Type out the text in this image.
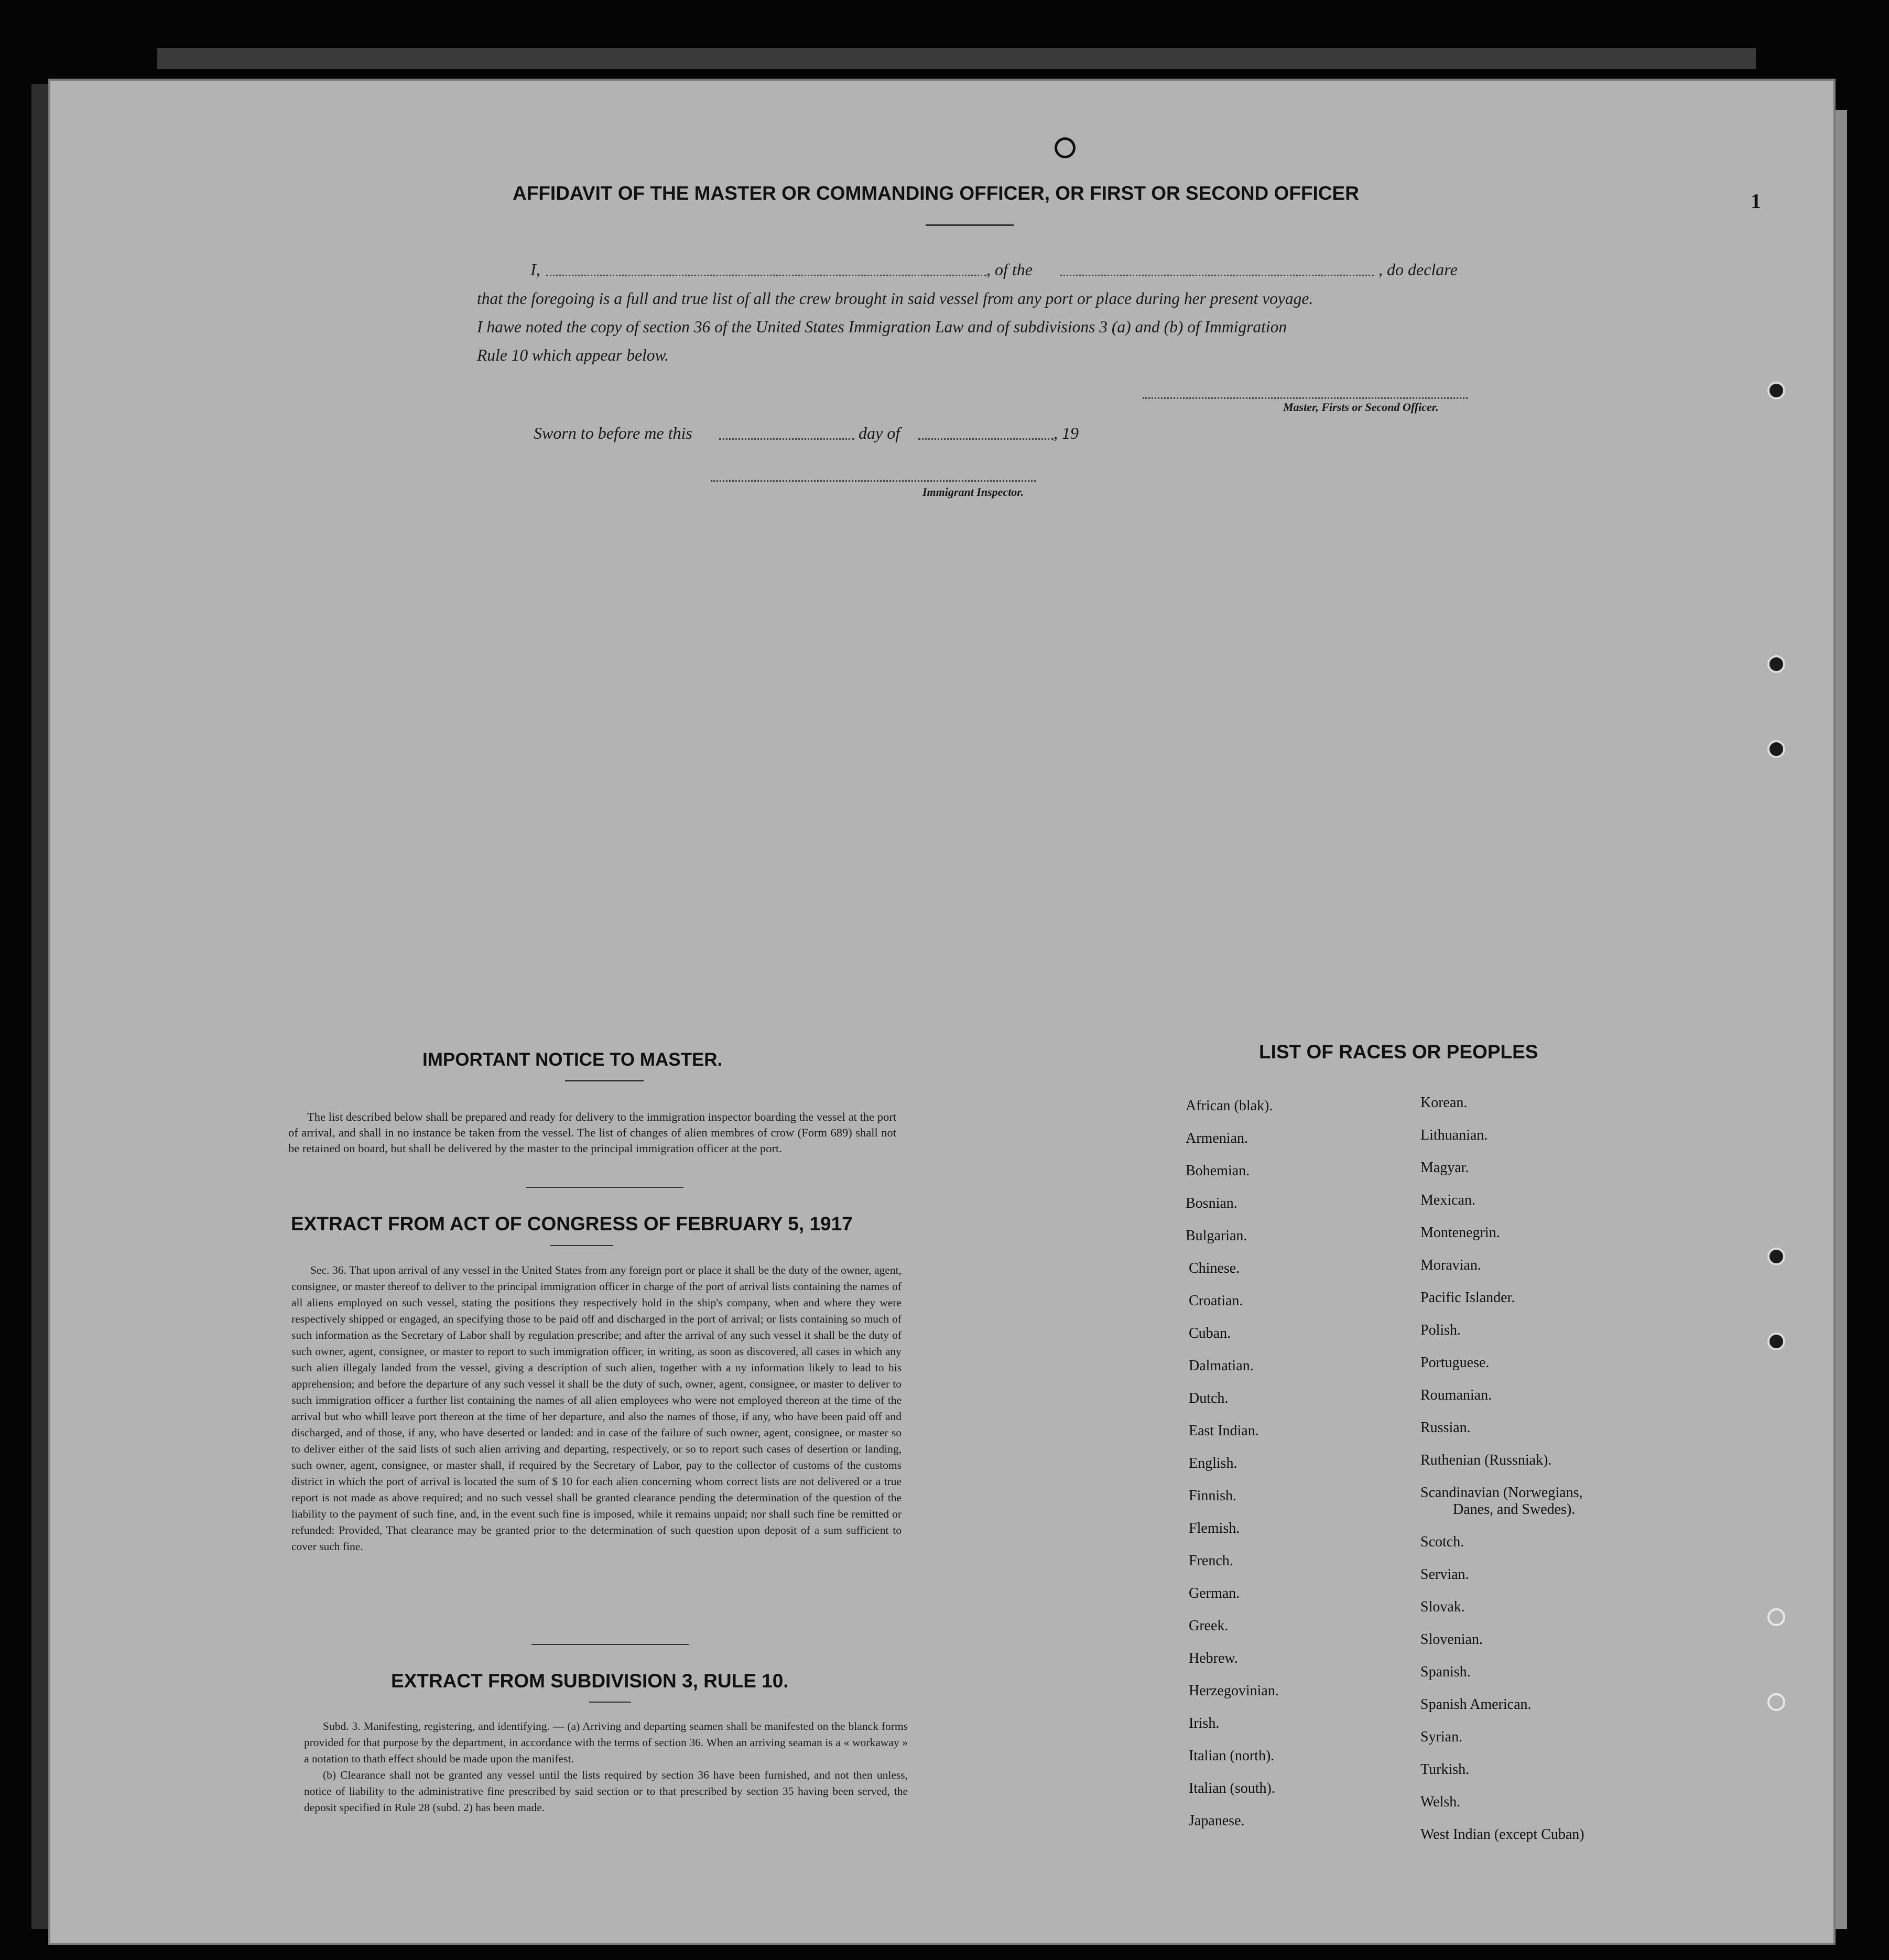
1
AFFIDAVIT OF THE MASTER OR COMMANDING OFFICER, OR FIRST OR SECOND OFFICER
I,	, of the	, do declare
that the foregoing is a full and true list of all the crew brought in said vessel from any port or place during her present voyage.
I hawe noted the copy of section 36 of the United States Immigration Law and of subdivisions 3 (a) and (b) of Immigration
Rule 10 which appear below.
Master, Firsts or Second Officer.
Sworn to before me this	day of	, 19
Immigrant Inspector.
IMPORTANT NOTICE TO MASTER.

The list described below shall be prepared and ready for delivery to the immigration inspector boarding the vessel at the port of arrival, and shall in no instance be taken from the vessel. The list of changes of alien membres of crow (Form 689) shall not be retained on board, but shall be delivered by the master to the principal immigration officer at the port.

EXTRACT FROM ACT OF CONGRESS OF FEBRUARY 5, 1917

Sec. 36. That upon arrival of any vessel in the United States from any foreign port or place it shall be the duty of the owner, agent, consignee, or master thereof to deliver to the principal immigration officer in charge of the port of arrival lists containing the names of all aliens employed on such vessel, stating the positions they respectively hold in the ship's company, when and where they were respectively shipped or engaged, an specifying those to be paid off and discharged in the port of arrival; or lists containing so much of such information as the Secretary of Labor shall by regulation prescribe; and after the arrival of any such vessel it shall be the duty of such owner, agent, consignee, or master to report to such immigration officer, in writing, as soon as discovered, all cases in which any such alien illegaly landed from the vessel, giving a description of such alien, together with a ny information likely to lead to his apprehension; and before the departure of any such vessel it shall be the duty of such, owner, agent, consignee, or master to deliver to such immigration officer a further list containing the names of all alien employees who were not employed thereon at the time of the arrival but who whill leave port thereon at the time of her departure, and also the names of those, if any, who have been paid off and discharged, and of those, if any, who have deserted or landed: and in case of the failure of such owner, agent, consignee, or master so to deliver either of the said lists of such alien arriving and departing, respectively, or so to report such cases of desertion or landing, such owner, agent, consignee, or master shall, if required by the Secretary of Labor, pay to the collector of customs of the customs district in which the port of arrival is located the sum of $ 10 for each alien concerning whom correct lists are not delivered or a true report is not made as above required; and no such vessel shall be granted clearance pending the determination of the question of the liability to the payment of such fine, and, in the event such fine is imposed, while it remains unpaid; nor shall such fine be remitted or refunded: Provided, That clearance may be granted prior to the determination of such question upon deposit of a sum sufficient to cover such fine.

EXTRACT FROM SUBDIVISION 3, RULE 10.

Subd. 3. Manifesting, registering, and identifying. — (a) Arriving and departing seamen shall be manifested on the blanck forms provided for that purpose by the department, in accordance with the terms of section 36. When an arriving seaman is a « workaway » a notation to thath effect should be made upon the manifest.

(b) Clearance shall not be granted any vessel until the lists required by section 36 have been furnished, and not then unless, notice of liability to the administrative fine prescribed by said section or to that prescribed by section 35 having been served, the deposit specified in Rule 28 (subd. 2) has been made.

LIST OF RACES OR PEOPLES
African (blak).
Armenian.
Bohemian.
Bosnian.
Bulgarian.
Chinese.
Croatian.
Cuban.
Dalmatian.
Dutch.
East Indian.
English.
Finnish.
Flemish.
French.
German.
Greek.
Hebrew.
Herzegovinian.
Irish.
Italian (north).
Italian (south).
Japanese.
Korean.
Lithuanian.
Magyar.
Mexican.
Montenegrin.
Moravian.
Pacific Islander.
Polish.
Portuguese.
Roumanian.
Russian.
Ruthenian (Russniak).
Scandinavian (Norwegians,
Danes, and Swedes).
Scotch.
Servian.
Slovak.
Slovenian.
Spanish.
Spanish American.
Syrian.
Turkish.
Welsh.
West Indian (except Cuban)
